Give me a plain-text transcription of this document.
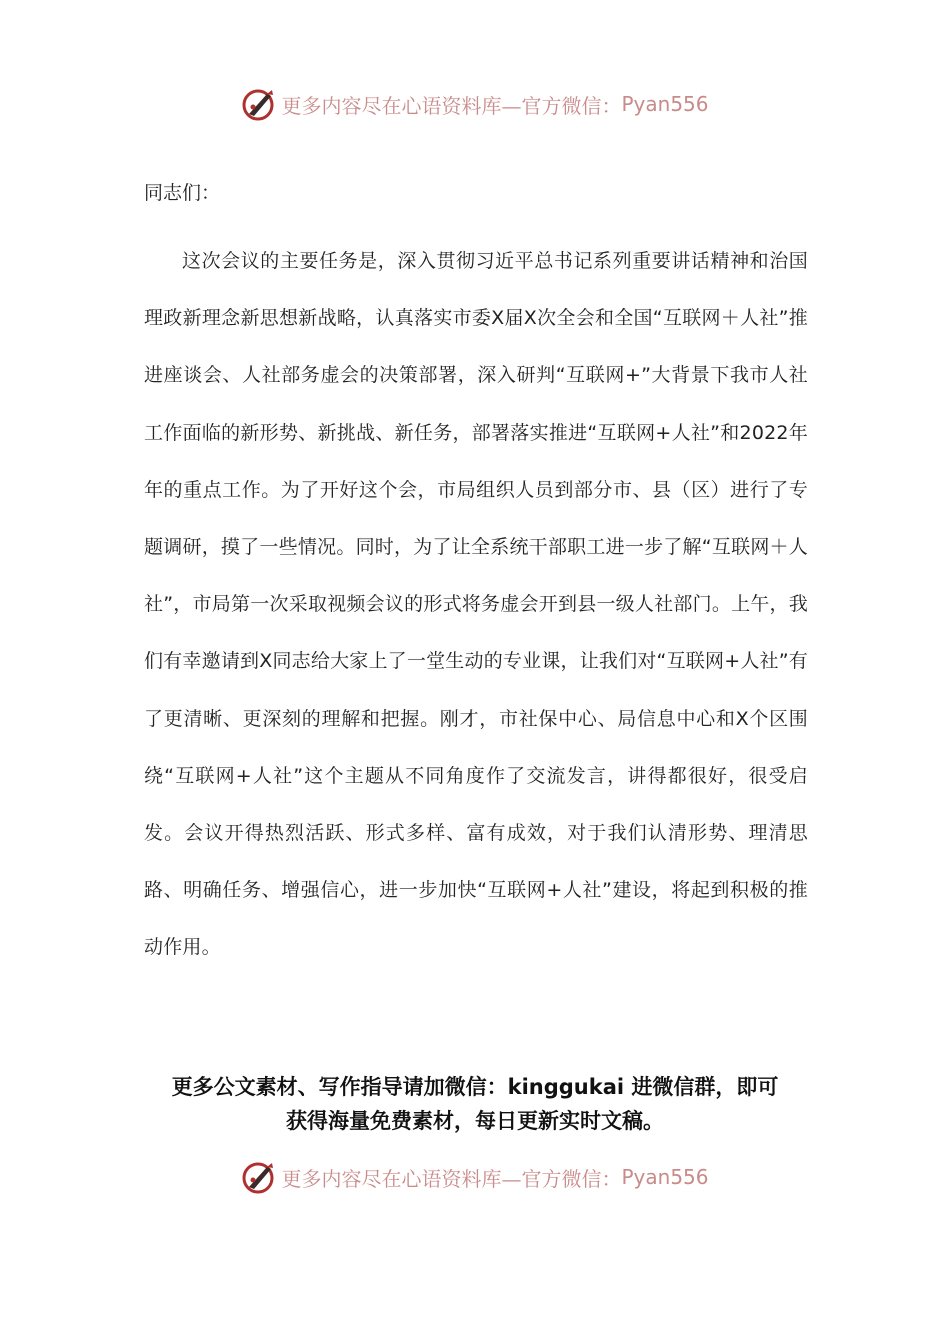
更多内容尽在心语资料库—官方微信： Pyan556
同志们：

这次会议的主要任务是，深入贯彻习近平总书记系列重要讲话精神和治国理政新理念新思想新战略，认真落实市委X届X次全会和全国“互联网＋人社”推进座谈会、人社部务虚会的决策部署，深入研判“互联网+”大背景下我市人社工作面临的新形势、新挑战、新任务，部署落实推进“互联网+人社”和2022年年的重点工作。为了开好这个会，市局组织人员到部分市、县（区）进行了专题调研，摸了一些情况。同时，为了让全系统干部职工进一步了解“互联网＋人社”，市局第一次采取视频会议的形式将务虚会开到县一级人社部门。上午，我们有幸邀请到X同志给大家上了一堂生动的专业课，让我们对“互联网+人社”有了更清晰、更深刻的理解和把握。刚才，市社保中心、局信息中心和X个区围绕“互联网+人社”这个主题从不同角度作了交流发言，讲得都很好，很受启发。会议开得热烈活跃、形式多样、富有成效，对于我们认清形势、理清思路、明确任务、增强信心，进一步加快“互联网+人社”建设，将起到积极的推动作用。

更多公文素材、写作指导请加微信：kinggukai 进微信群，即可
获得海量免费素材，每日更新实时文稿。
更多内容尽在心语资料库—官方微信： Pyan556
